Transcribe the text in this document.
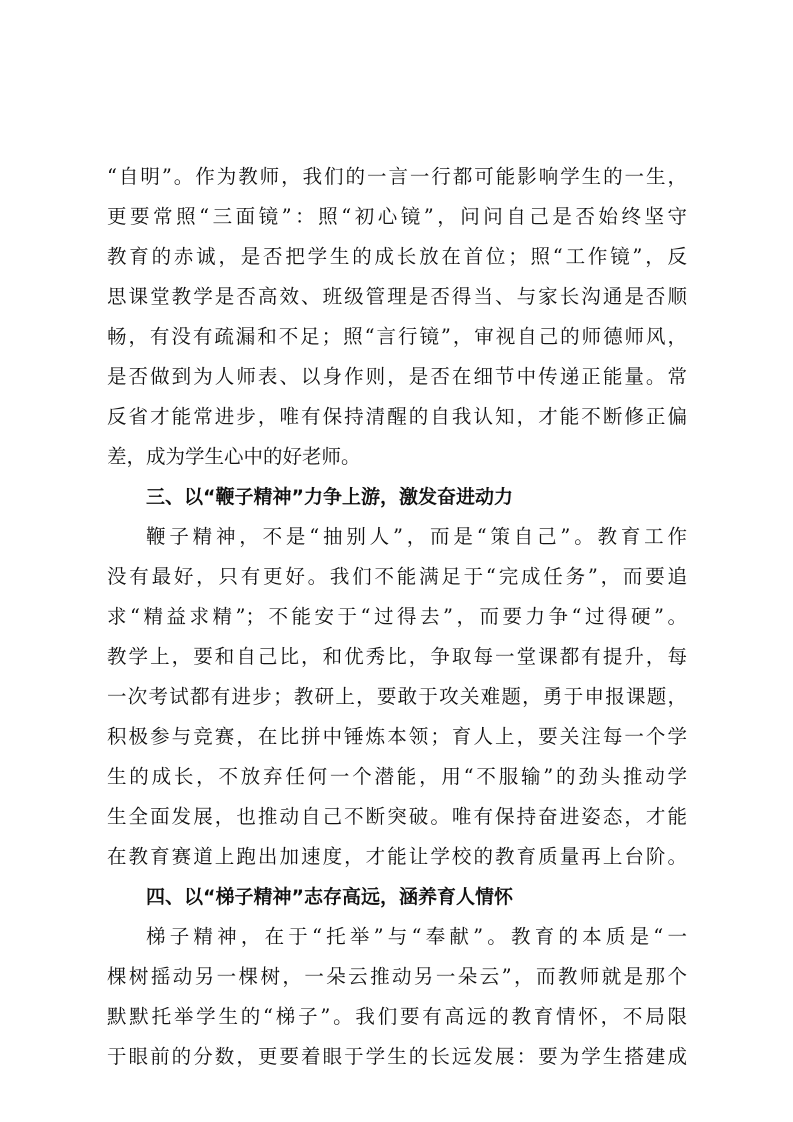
“自明”。作为教师，我们的一言一行都可能影响学生的一生，
更要常照“三面镜”：照“初心镜”，问问自己是否始终坚守
教育的赤诚，是否把学生的成长放在首位；照“工作镜”，反
思课堂教学是否高效、班级管理是否得当、与家长沟通是否顺
畅，有没有疏漏和不足；照“言行镜”，审视自己的师德师风，
是否做到为人师表、以身作则，是否在细节中传递正能量。常
反省才能常进步，唯有保持清醒的自我认知，才能不断修正偏
差，成为学生心中的好老师。
三、以“鞭子精神”力争上游，激发奋进动力
鞭子精神，不是“抽别人”，而是“策自己”。教育工作
没有最好，只有更好。我们不能满足于“完成任务”，而要追
求“精益求精”；不能安于“过得去”，而要力争“过得硬”。
教学上，要和自己比，和优秀比，争取每一堂课都有提升，每
一次考试都有进步；教研上，要敢于攻关难题，勇于申报课题，
积极参与竞赛，在比拼中锤炼本领；育人上，要关注每一个学
生的成长，不放弃任何一个潜能，用“不服输”的劲头推动学
生全面发展，也推动自己不断突破。唯有保持奋进姿态，才能
在教育赛道上跑出加速度，才能让学校的教育质量再上台阶。
四、以“梯子精神”志存高远，涵养育人情怀
梯子精神，在于“托举”与“奉献”。教育的本质是“一
棵树摇动另一棵树，一朵云推动另一朵云”，而教师就是那个
默默托举学生的“梯子”。我们要有高远的教育情怀，不局限
于眼前的分数，更要着眼于学生的长远发展：要为学生搭建成
